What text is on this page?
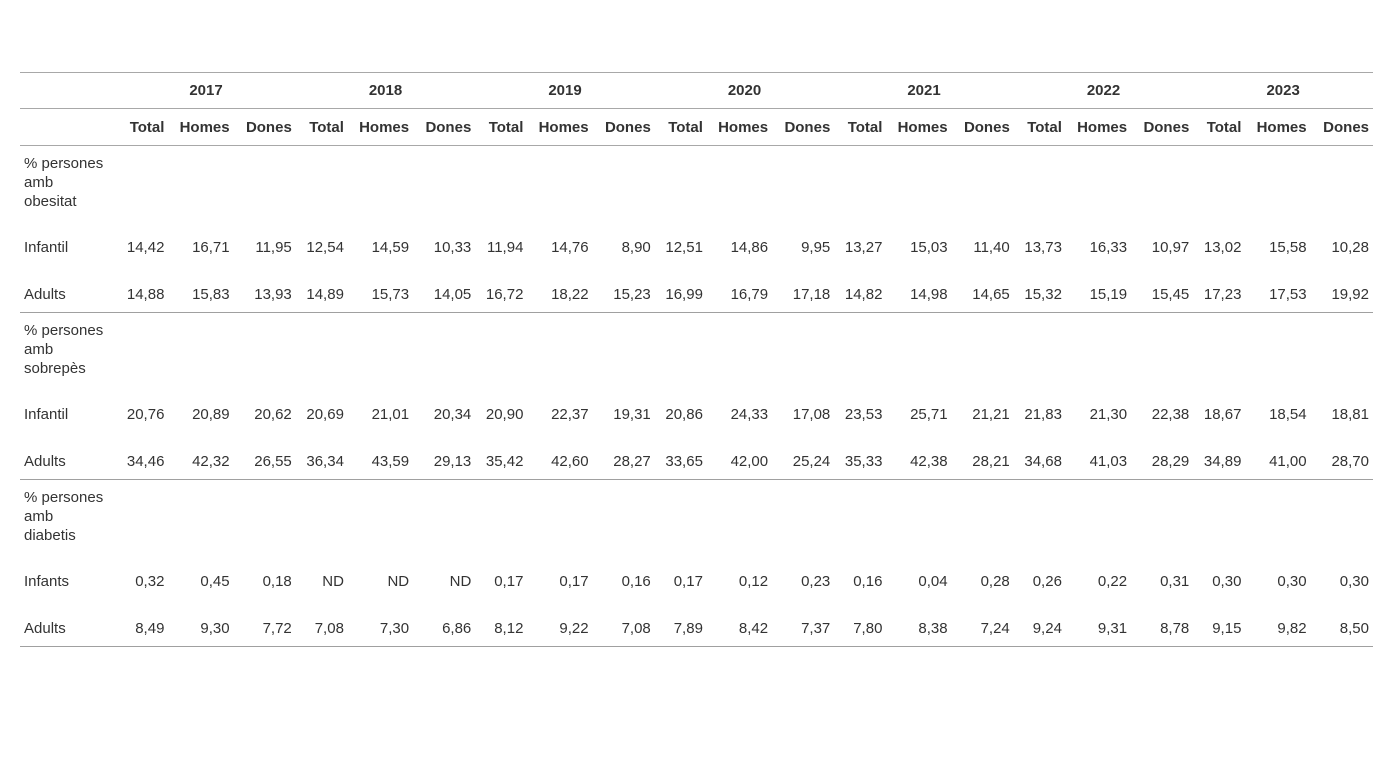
	2017			2018			2019			2020			2021			2022			2023		
	Total	Homes	Dones	Total	Homes	Dones	Total	Homes	Dones	Total	Homes	Dones	Total	Homes	Dones	Total	Homes	Dones	Total	Homes	Dones
% persones
amb
obesitat																					
Infantil	14,42	16,71	11,95	12,54	14,59	10,33	11,94	14,76	8,90	12,51	14,86	9,95	13,27	15,03	11,40	13,73	16,33	10,97	13,02	15,58	10,28
Adults	14,88	15,83	13,93	14,89	15,73	14,05	16,72	18,22	15,23	16,99	16,79	17,18	14,82	14,98	14,65	15,32	15,19	15,45	17,23	17,53	19,92
% persones
amb
sobrepès																					
Infantil	20,76	20,89	20,62	20,69	21,01	20,34	20,90	22,37	19,31	20,86	24,33	17,08	23,53	25,71	21,21	21,83	21,30	22,38	18,67	18,54	18,81
Adults	34,46	42,32	26,55	36,34	43,59	29,13	35,42	42,60	28,27	33,65	42,00	25,24	35,33	42,38	28,21	34,68	41,03	28,29	34,89	41,00	28,70
% persones
amb
diabetis																					
Infants	0,32	0,45	0,18	ND	ND	ND	0,17	0,17	0,16	0,17	0,12	0,23	0,16	0,04	0,28	0,26	0,22	0,31	0,30	0,30	0,30
Adults	8,49	9,30	7,72	7,08	7,30	6,86	8,12	9,22	7,08	7,89	8,42	7,37	7,80	8,38	7,24	9,24	9,31	8,78	9,15	9,82	8,50
